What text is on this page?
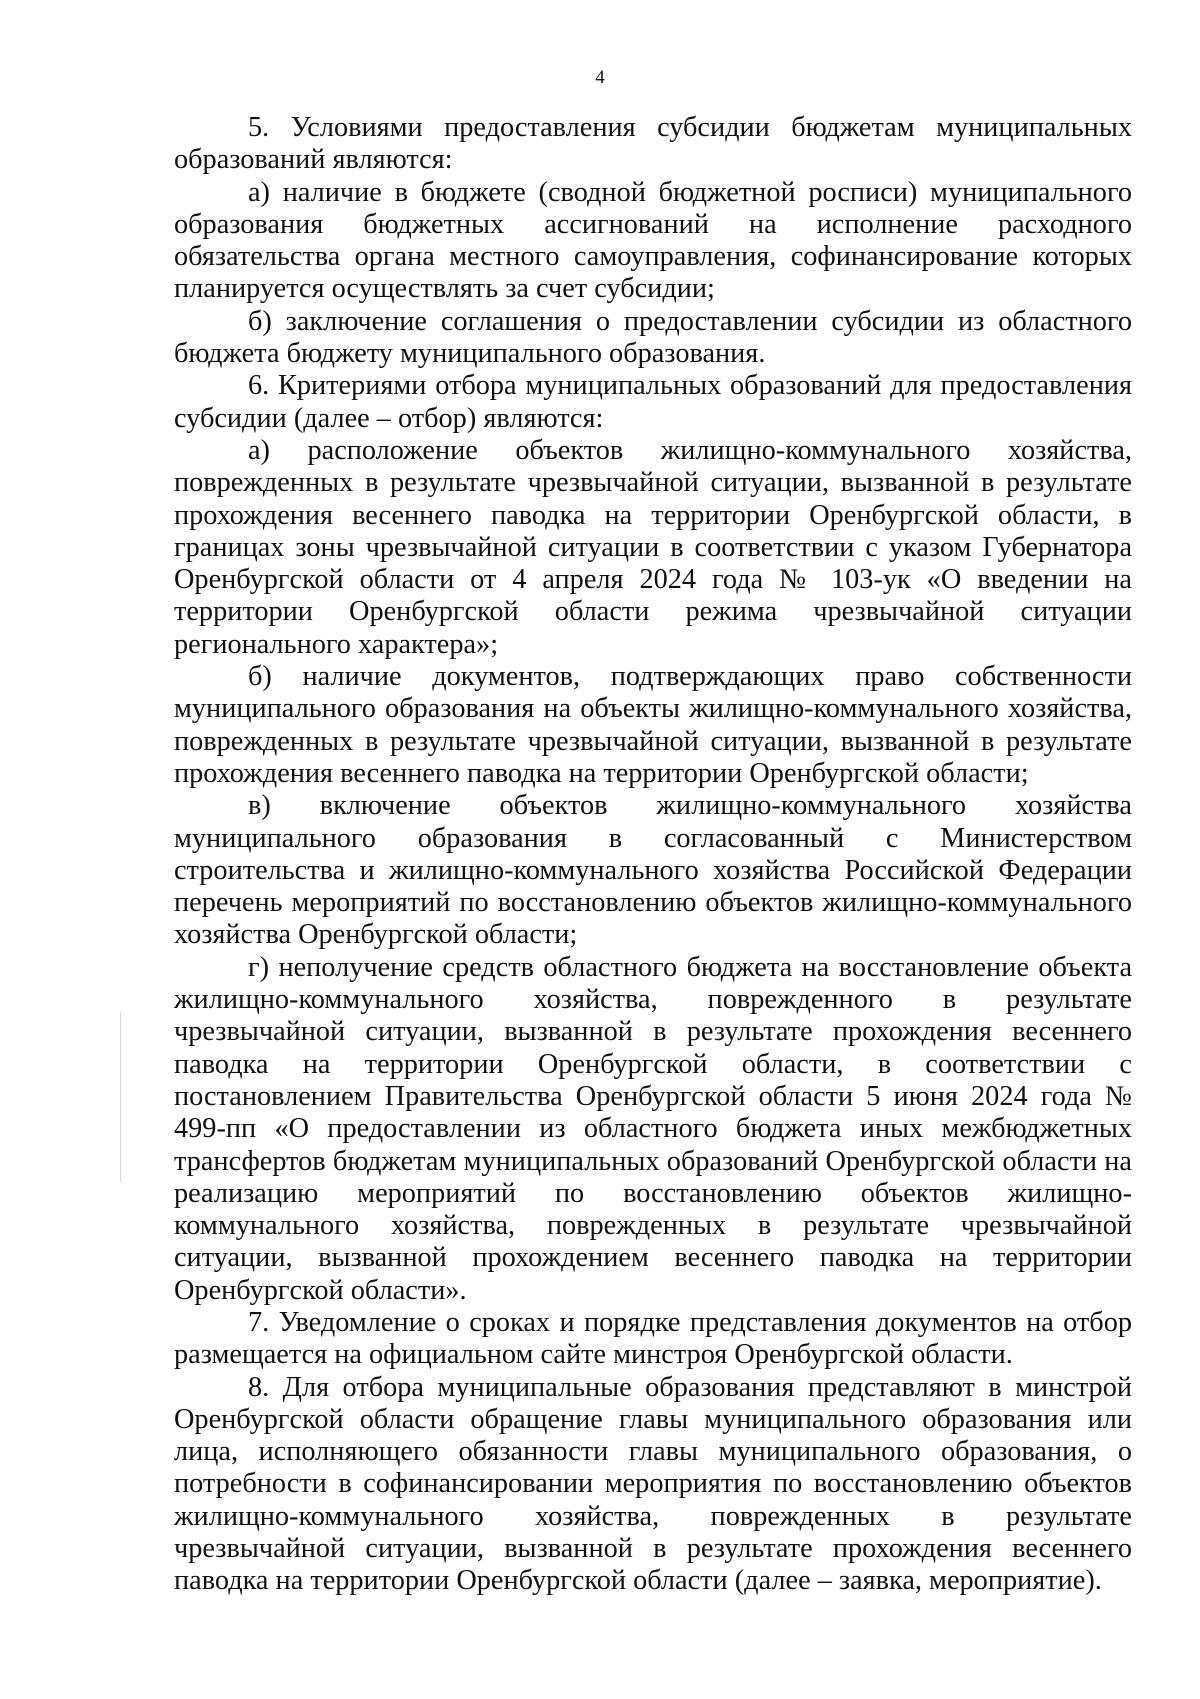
4

5. Условиями предоставления субсидии бюджетам муниципальных образований являются:

а) наличие в бюджете (сводной бюджетной росписи) муниципального образования бюджетных ассигнований на исполнение расходного обязательства органа местного самоуправления, софинансирование которых планируется осуществлять за счет субсидии;

б) заключение соглашения о предоставлении субсидии из областного бюджета бюджету муниципального образования.

6. Критериями отбора муниципальных образований для предоставления субсидии (далее – отбор) являются:

а) расположение объектов жилищно-коммунального хозяйства, поврежденных в результате чрезвычайной ситуации, вызванной в результате прохождения весеннего паводка на территории Оренбургской области, в границах зоны чрезвычайной ситуации в соответствии с указом Губернатора Оренбургской области от 4 апреля 2024 года № 103-ук «О введении на территории Оренбургской области режима чрезвычайной ситуации регионального характера»;

б) наличие документов, подтверждающих право собственности муниципального образования на объекты жилищно-коммунального хозяйства, поврежденных в результате чрезвычайной ситуации, вызванной в результате прохождения весеннего паводка на территории Оренбургской области;

в) включение объектов жилищно-коммунального хозяйства муниципального образования в согласованный с Министерством строительства и жилищно-коммунального хозяйства Российской Федерации перечень мероприятий по восстановлению объектов жилищно-коммунального хозяйства Оренбургской области;

г) неполучение средств областного бюджета на восстановление объекта жилищно-коммунального хозяйства, поврежденного в результате чрезвычайной ситуации, вызванной в результате прохождения весеннего паводка на территории Оренбургской области, в соответствии с постановлением Правительства Оренбургской области 5 июня 2024 года № 499-пп «О предоставлении из областного бюджета иных межбюджетных трансфертов бюджетам муниципальных образований Оренбургской области на реализацию мероприятий по восстановлению объектов жилищно-коммунального хозяйства, поврежденных в результате чрезвычайной ситуации, вызванной прохождением весеннего паводка на территории Оренбургской области».

7. Уведомление о сроках и порядке представления документов на отбор размещается на официальном сайте минстроя Оренбургской области.

8. Для отбора муниципальные образования представляют в минстрой Оренбургской области обращение главы муниципального образования или лица, исполняющего обязанности главы муниципального образования, о потребности в софинансировании мероприятия по восстановлению объектов жилищно-коммунального хозяйства, поврежденных в результате чрезвычайной ситуации, вызванной в результате прохождения весеннего паводка на территории Оренбургской области (далее – заявка, мероприятие).
